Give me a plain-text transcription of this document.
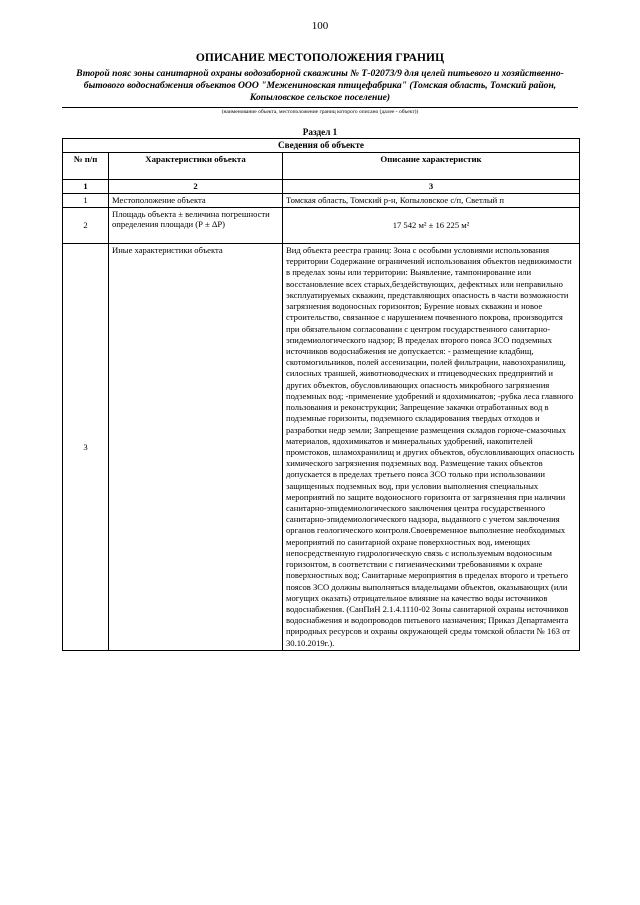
100
ОПИСАНИЕ МЕСТОПОЛОЖЕНИЯ ГРАНИЦ
Второй пояс зоны санитарной охраны водозаборной скважины № Т-02073/9 для целей питьевого и хозяйственно-бытового водоснабжения объектов ООО "Межениновская птицефабрика" (Томская область, Томский район, Копыловское сельское поселение)
(наименование объекта, местоположение границ которого описано (далее - объект))
Раздел 1
Сведения об объекте		
№ п/п	Характеристики объекта	Описание характеристик
1	2	3
1	Местоположение объекта	Томская область, Томский р-н, Копыловское с/п, Светлый п
2	Площадь объекта ± величина погрешности определения площади (Р ± ΔР)	17 542 м² ± 16 225 м²
3	Иные характеристики объекта	Вид объекта реестра границ: Зона с особыми условиями использования территории Содержание ограничений использования объектов недвижимости в пределах зоны или территории: Выявление, тампонирование или восстановление всех старых,бездействующих, дефектных или неправильно эксплуатируемых скважин, представляющих опасность в части возможности загрязнения водоносных горизонтов; Бурение новых скважин и новое строительство, связанное с нарушением почвенного покрова, производится при обязательном согласовании с центром государственного санитарно-эпидемиологического надзор; В пределах второго пояса ЗСО подземных источников водоснабжения не допускается: - размещение кладбищ, скотомогильников, полей ассенизации, полей фильтрации, навозохранилищ, силосных траншей, животноводческих и птицеводческих предприятий и других объектов, обусловливающих опасность микробного загрязнения подземных вод; -применение удобрений и ядохимикатов; -рубка леса главного пользования и реконструкции; Запрещение закачки отработанных вод в подземные горизонты, подземного складирования твердых отходов и разработки недр земли; Запрещение размещения складов горюче-смазочных материалов, ядохимикатов и минеральных удобрений, накопителей промстоков, шламохранилищ и других объектов, обусловливающих опасность химического загрязнения подземных вод. Размещение таких объектов допускается в пределах третьего пояса ЗСО только при использовании защищенных подземных вод, при условии выполнения специальных мероприятий по защите водоносного горизонта от загрязнения при наличии санитарно-эпидемиологического заключения центра государственного санитарно-эпидемиологического надзора, выданного с учетом заключения органов геологического контроля.Своевременное выполнение необходимых мероприятий по санитарной охране поверхностных вод, имеющих непосредственную гидрологическую связь с используемым водоносным горизонтом, в соответствии с гигиеническими требованиями к охране поверхностных вод; Санитарные мероприятия в пределах второго и третьего поясов ЗСО должны выполняться владельцами объектов, оказывающих (или могущих оказать) отрицательное влияние на качество воды источников водоснабжения. (СанПиН 2.1.4.1110-02 Зоны санитарной охраны источников водоснабжения и водопроводов питьевого назначения; Приказ Департамента природных ресурсов и охраны окружающей среды томской области № 163 от 30.10.2019г.).
